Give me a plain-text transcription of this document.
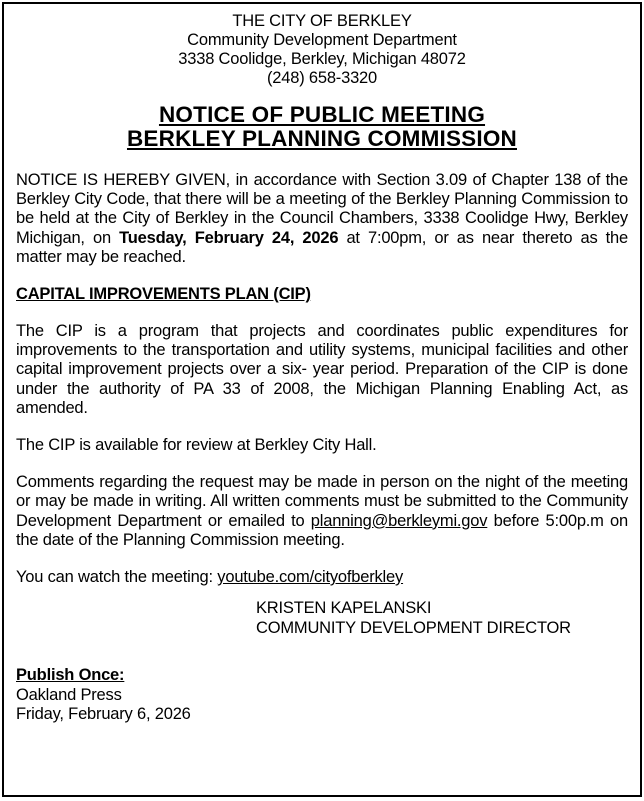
THE CITY OF BERKLEY
Community Development Department
3338 Coolidge, Berkley, Michigan 48072
(248) 658-3320
NOTICE OF PUBLIC MEETING
BERKLEY PLANNING COMMISSION

NOTICE IS HEREBY GIVEN, in accordance with Section 3.09 of Chapter 138 of the Berkley City Code, that there will be a meeting of the Berkley Planning Commission to be held at the City of Berkley in the Council Chambers, 3338 Coolidge Hwy, Berkley Michigan, on Tuesday, February 24, 2026 at 7:00pm, or as near thereto as the matter may be reached.

CAPITAL IMPROVEMENTS PLAN (CIP)

The CIP is a program that projects and coordinates public expenditures for improvements to the transportation and utility systems, municipal facilities and other capital improvement projects over a six- year period. Preparation of the CIP is done under the authority of PA 33 of 2008, the Michigan Planning Enabling Act, as amended.

The CIP is available for review at Berkley City Hall.

Comments regarding the request may be made in person on the night of the meeting or may be made in writing. All written comments must be submitted to the Community Development Department or emailed to planning@berkleymi.gov before 5:00p.m on the date of the Planning Commission meeting.

You can watch the meeting: youtube.com/cityofberkley

KRISTEN KAPELANSKI
COMMUNITY DEVELOPMENT DIRECTOR
Publish Once:
Oakland Press
Friday, February 6, 2026
